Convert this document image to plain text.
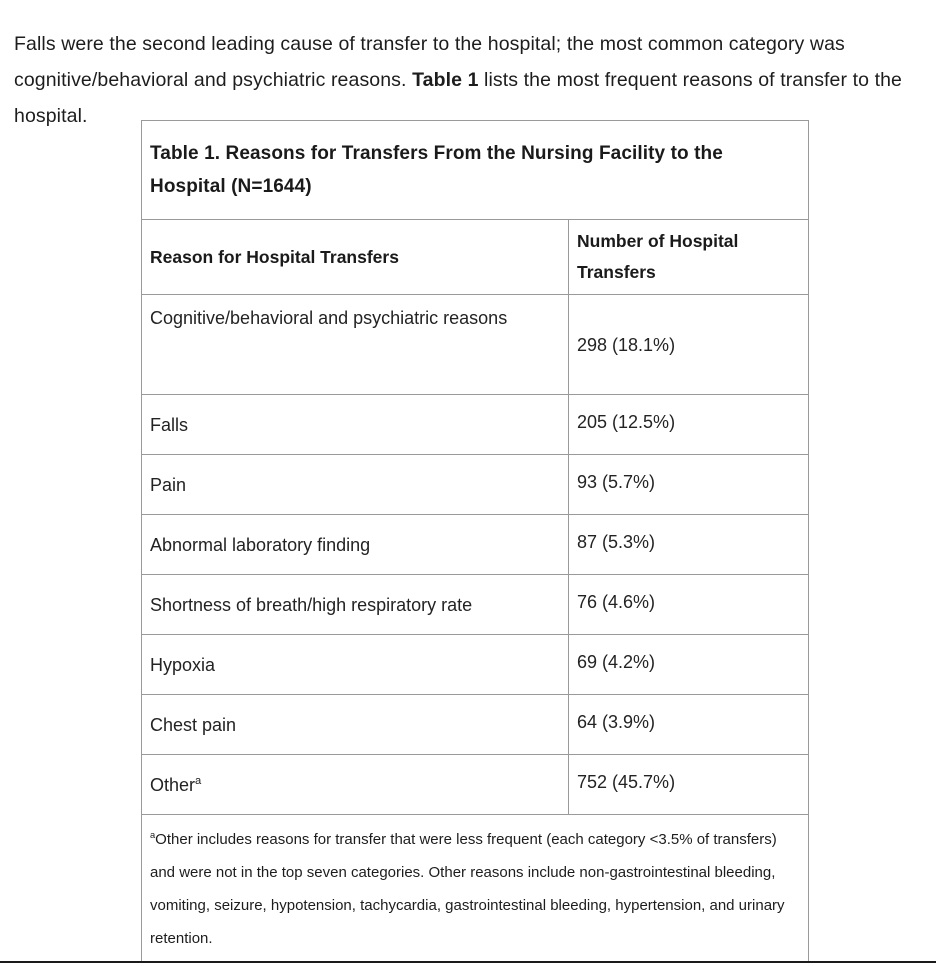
Falls were the second leading cause of transfer to the hospital; the most common category was cognitive/behavioral and psychiatric reasons. Table 1 lists the most frequent reasons of transfer to the hospital.

Table 1. Reasons for Transfers From the Nursing Facility to the Hospital (N=1644)	
Reason for Hospital Transfers	Number of Hospital Transfers
Cognitive/behavioral and psychiatric reasons	298 (18.1%)

Falls	205 (12.5%)

Pain	93 (5.7%)

Abnormal laboratory finding	87 (5.3%)

Shortness of breath/high respiratory rate	76 (4.6%)

Hypoxia	69 (4.2%)

Chest pain	64 (3.9%)

Other$^a$	752 (45.7%)

$^a$Other includes reasons for transfer that were less frequent (each category <3.5% of transfers) and were not in the top seven categories. Other reasons include non-gastrointestinal bleeding, vomiting, seizure, hypotension, tachycardia, gastrointestinal bleeding, hypertension, and urinary retention.	
